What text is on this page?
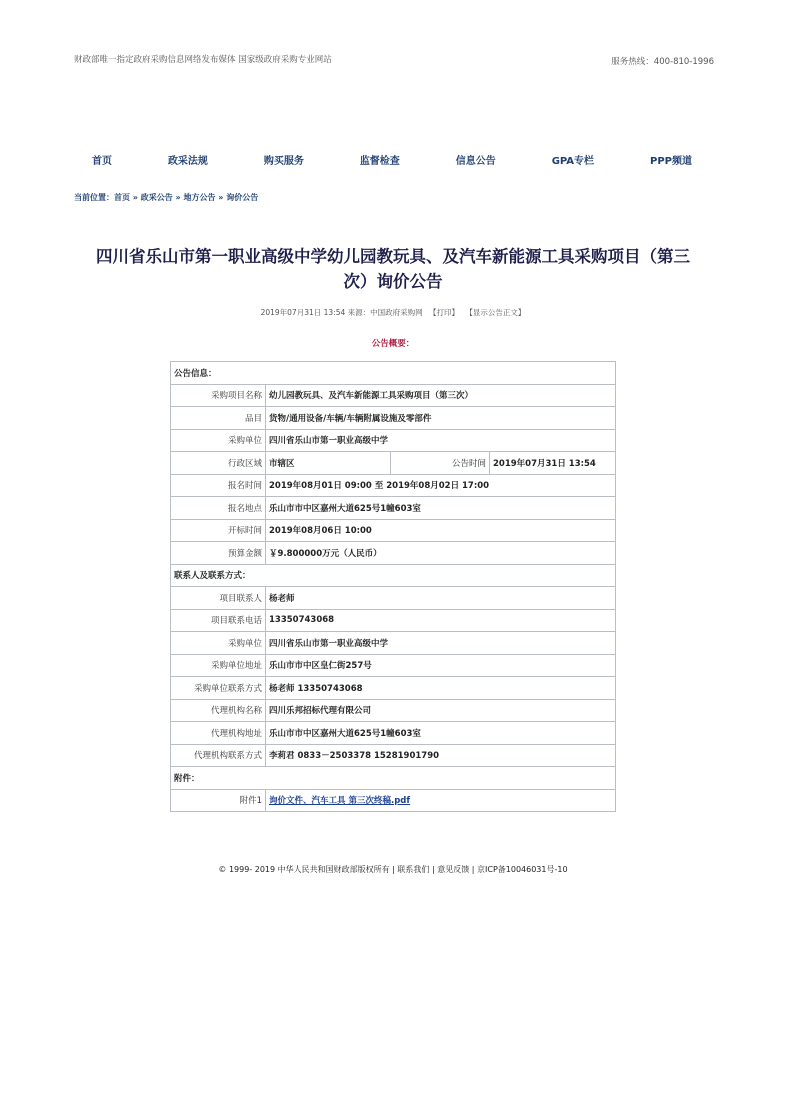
财政部唯一指定政府采购信息网络发布媒体 国家级政府采购专业网站	服务热线：400-810-1996
首页	政采法规	购买服务	监督检查	信息公告	GPA专栏	PPP频道
当前位置：首页 » 政采公告 » 地方公告 » 询价公告
四川省乐山市第一职业高级中学幼儿园教玩具、及汽车新能源工具采购项目（第三
次）询价公告
2019年07月31日 13:54 来源：中国政府采购网 【打印】 【显示公告正文】
公告概要：
公告信息：			
采购项目名称	幼儿园教玩具、及汽车新能源工具采购项目（第三次）		
品目	货物/通用设备/车辆/车辆附属设施及零部件		
采购单位	四川省乐山市第一职业高级中学		
行政区域	市辖区	公告时间	2019年07月31日 13:54
报名时间	2019年08月01日 09:00 至 2019年08月02日 17:00		
报名地点	乐山市市中区嘉州大道625号1幢603室		
开标时间	2019年08月06日 10:00		
预算金额	￥9.800000万元（人民币）		
联系人及联系方式：			
项目联系人	杨老师		
项目联系电话	13350743068		
采购单位	四川省乐山市第一职业高级中学		
采购单位地址	乐山市市中区皇仁街257号		
采购单位联系方式	杨老师 13350743068		
代理机构名称	四川乐邦招标代理有限公司		
代理机构地址	乐山市市中区嘉州大道625号1幢603室		
代理机构联系方式	李莉君 0833－2503378 15281901790		
附件：			
附件1	询价文件、汽车工具 第三次终稿.pdf		
© 1999- 2019 中华人民共和国财政部版权所有 | 联系我们 | 意见反馈 | 京ICP备10046031号-10
